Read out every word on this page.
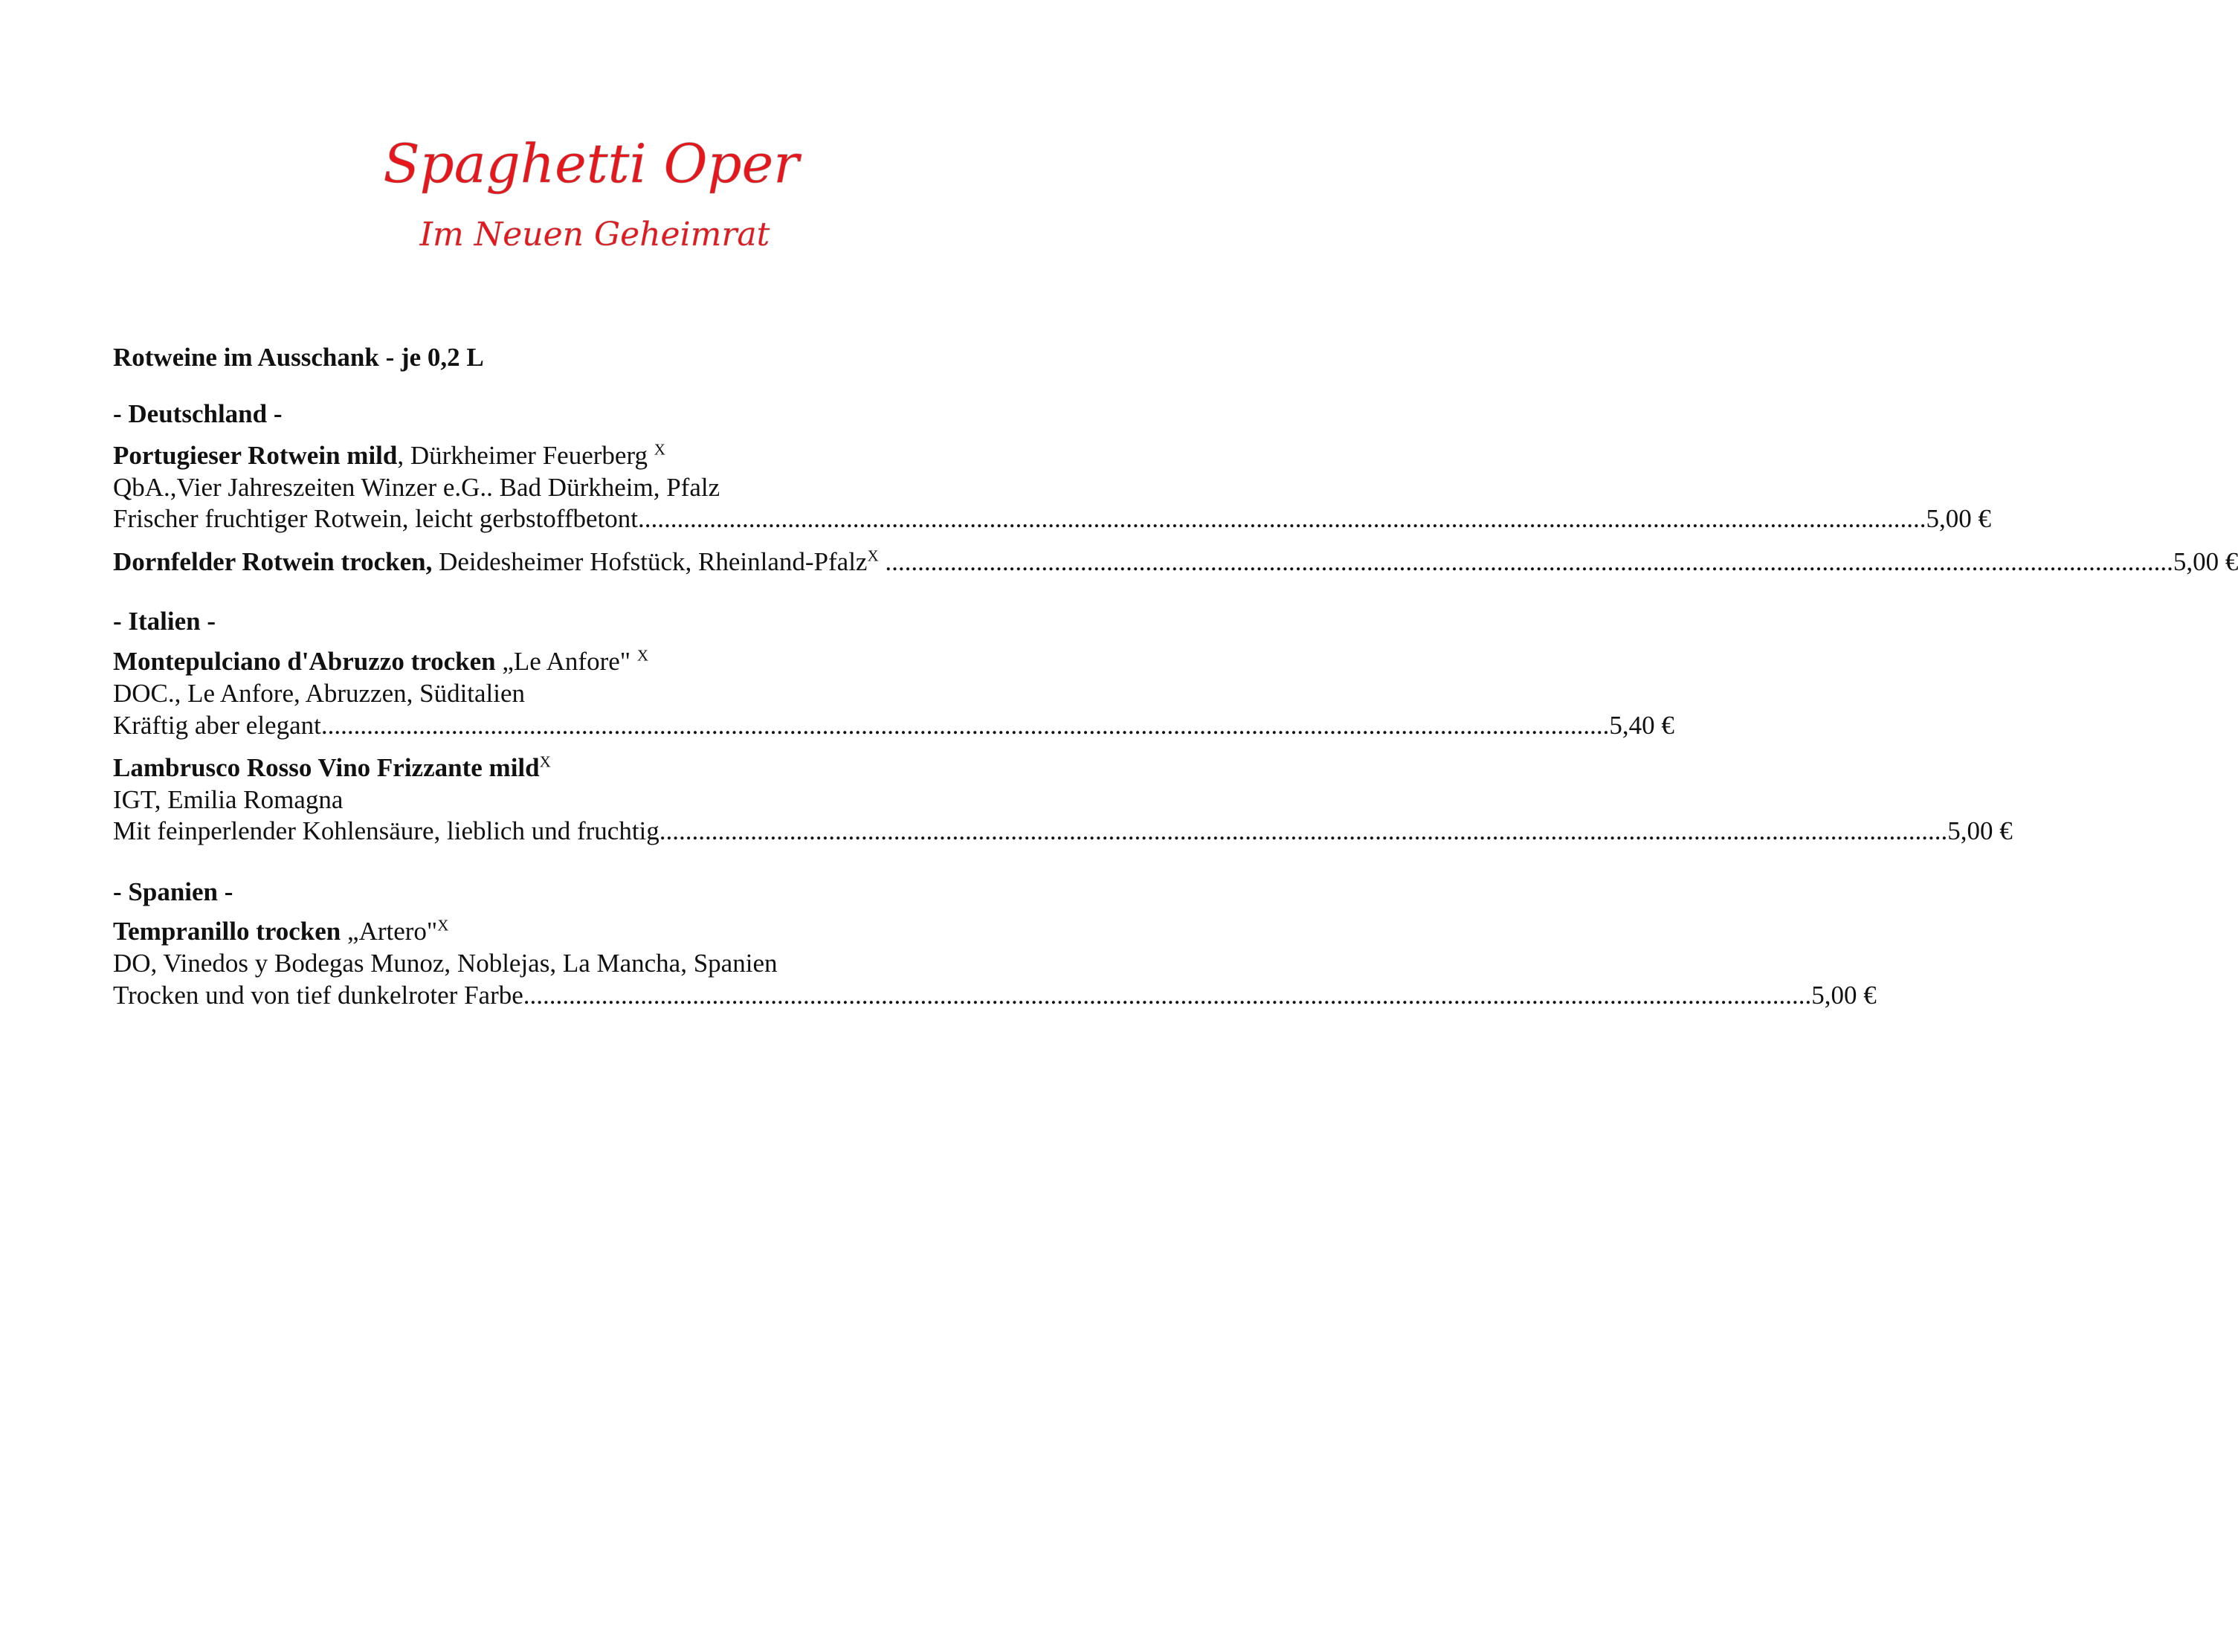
Spaghetti Oper
Im Neuen Geheimrat
Rotweine im Ausschank - je 0,2 L
- Deutschland -
Portugieser Rotwein mild, Dürkheimer Feuerberg $^X$
QbA.,Vier Jahreszeiten Winzer e.G.. Bad Dürkheim, Pfalz
Frischer fruchtiger Rotwein, leicht gerbstoffbetont .....	5,00 €
Dornfelder Rotwein trocken, Deidesheimer Hofstück, Rheinland-Pfalz$^X$ .....	5,00 €
- Italien -
Montepulciano d'Abruzzo trocken „Le Anfore" $^X$
DOC., Le Anfore, Abruzzen, Süditalien
Kräftig aber elegant .....	5,40 €
Lambrusco Rosso Vino Frizzante mild$^X$
IGT, Emilia Romagna
Mit feinperlender Kohlensäure, lieblich und fruchtig .....	5,00 €
- Spanien -
Tempranillo trocken „Artero"$^X$
DO, Vinedos y Bodegas Munoz, Noblejas, La Mancha, Spanien
Trocken und von tief dunkelroter Farbe .....	5,00 €
